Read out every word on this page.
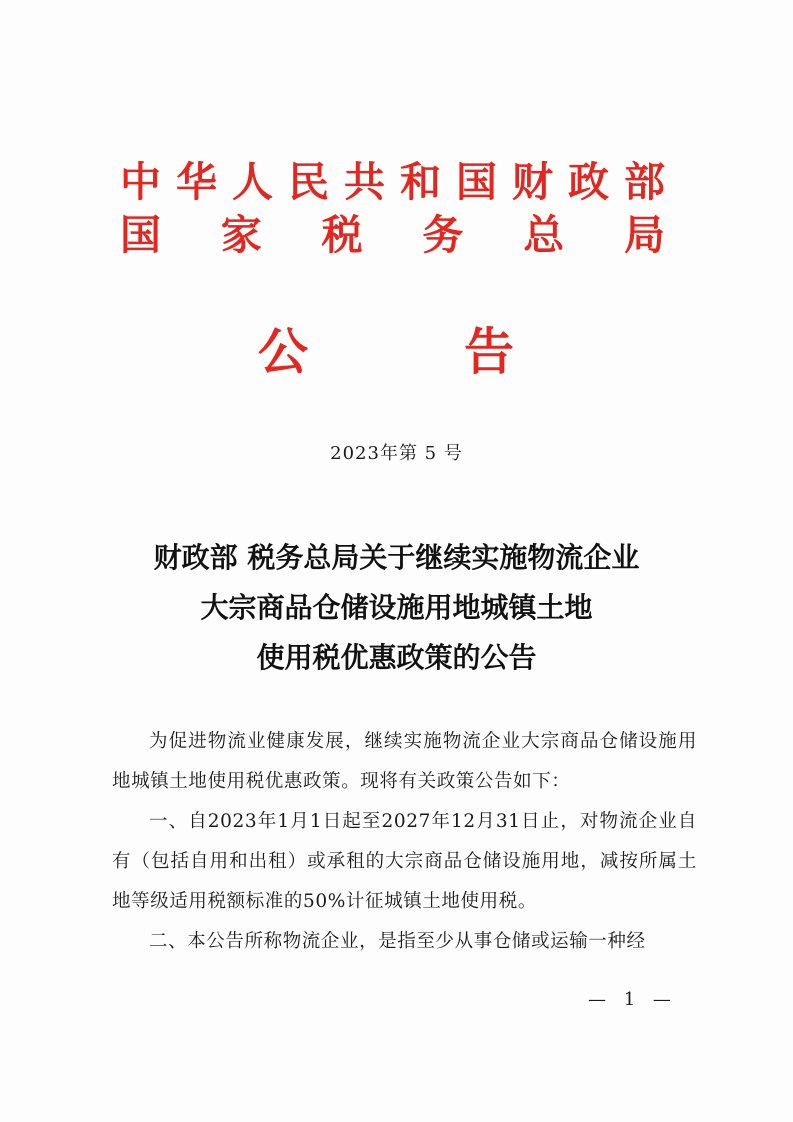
中 华 人 民 共 和 国 财 政 部
国 家 税 务 总 局
公	告

2023年第 5 号

财政部 税务总局关于继续实施物流企业
大宗商品仓储设施用地城镇土地
使用税优惠政策的公告

为促进物流业健康发展，继续实施物流企业大宗商品仓储设施用地城镇土地使用税优惠政策。现将有关政策公告如下：

一、自2023年1月1日起至2027年12月31日止，对物流企业自有（包括自用和出租）或承租的大宗商品仓储设施用地，减按所属土地等级适用税额标准的50%计征城镇土地使用税。

二、本公告所称物流企业，是指至少从事仓储或运输一种经

— 1 —
